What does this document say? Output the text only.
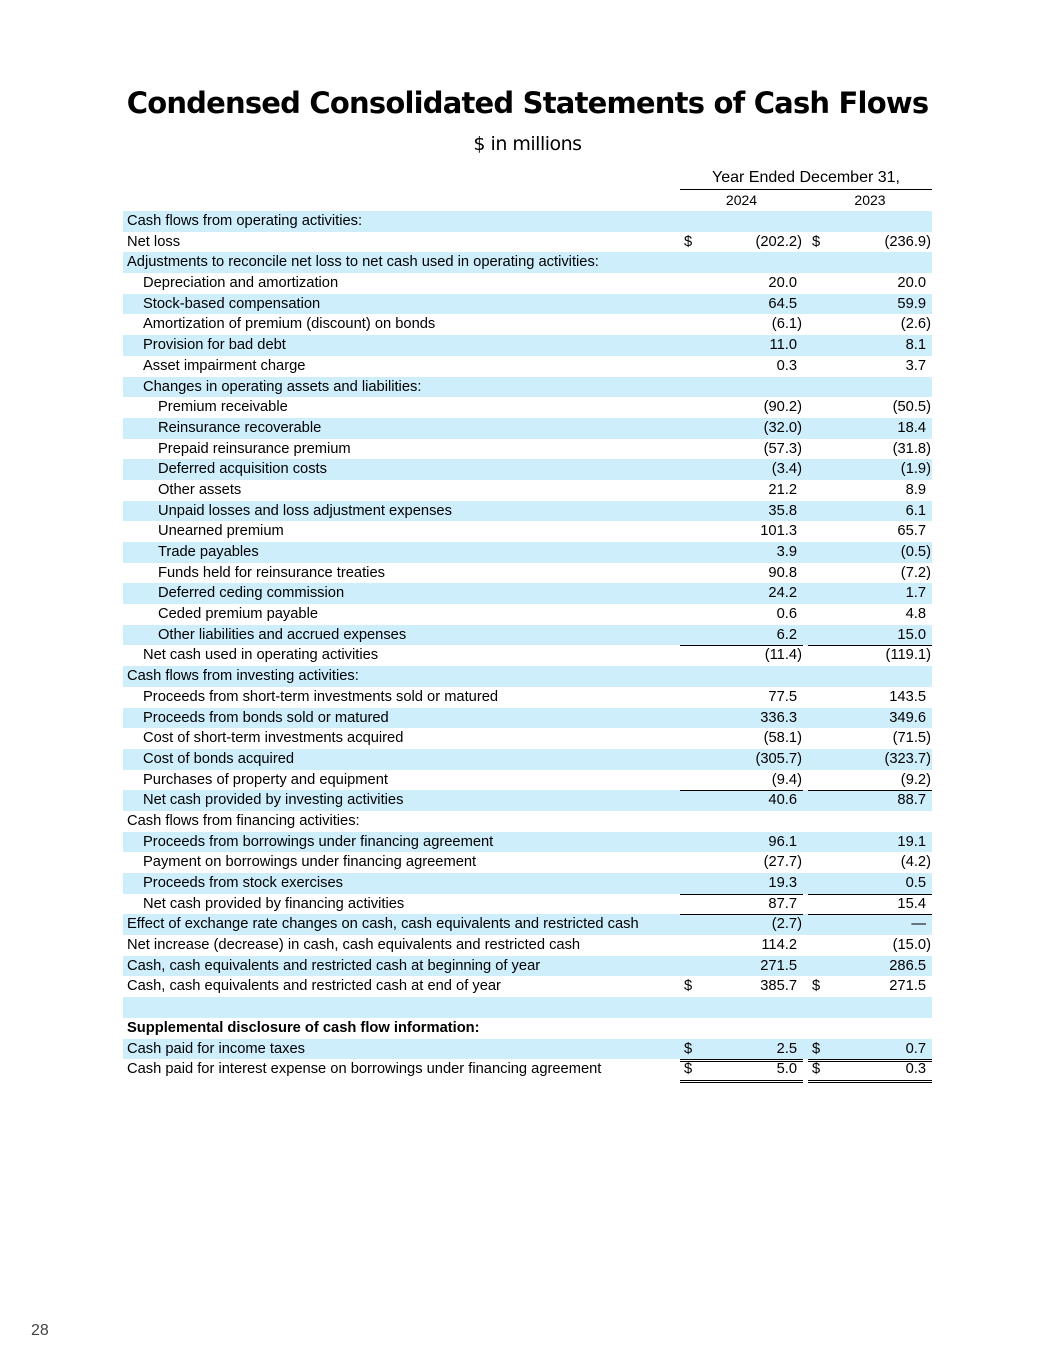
Condensed Consolidated Statements of Cash Flows
$ in millions
Year Ended December 31,
2024	2023
Cash flows from operating activities:
Net loss	$	(202.2) $	(236.9)
Adjustments to reconcile net loss to net cash used in operating activities:
Depreciation and amortization	20.0	20.0
Stock-based compensation	64.5	59.9
Amortization of premium (discount) on bonds	(6.1)	(2.6)
Provision for bad debt	11.0	8.1
Asset impairment charge	0.3	3.7
Changes in operating assets and liabilities:
Premium receivable	(90.2)	(50.5)
Reinsurance recoverable	(32.0)	18.4
Prepaid reinsurance premium	(57.3)	(31.8)
Deferred acquisition costs	(3.4)	(1.9)
Other assets	21.2	8.9
Unpaid losses and loss adjustment expenses	35.8	6.1
Unearned premium	101.3	65.7
Trade payables	3.9	(0.5)
Funds held for reinsurance treaties	90.8	(7.2)
Deferred ceding commission	24.2	1.7
Ceded premium payable	0.6	4.8
Other liabilities and accrued expenses	6.2	15.0
Net cash used in operating activities	(11.4)	(119.1)
Cash flows from investing activities:
Proceeds from short-term investments sold or matured	77.5	143.5
Proceeds from bonds sold or matured	336.3	349.6
Cost of short-term investments acquired	(58.1)	(71.5)
Cost of bonds acquired	(305.7)	(323.7)
Purchases of property and equipment	(9.4)	(9.2)
Net cash provided by investing activities	40.6	88.7
Cash flows from financing activities:
Proceeds from borrowings under financing agreement	96.1	19.1
Payment on borrowings under financing agreement	(27.7)	(4.2)
Proceeds from stock exercises	19.3	0.5
Net cash provided by financing activities	87.7	15.4
Effect of exchange rate changes on cash, cash equivalents and restricted cash	(2.7)	—
Net increase (decrease) in cash, cash equivalents and restricted cash	114.2	(15.0)
Cash, cash equivalents and restricted cash at beginning of year	271.5	286.5
Cash, cash equivalents and restricted cash at end of year	$	385.7 $	271.5
Supplemental disclosure of cash flow information:
Cash paid for income taxes	$	2.5 $	0.7
Cash paid for interest expense on borrowings under financing agreement	$	5.0 $	0.3
28
